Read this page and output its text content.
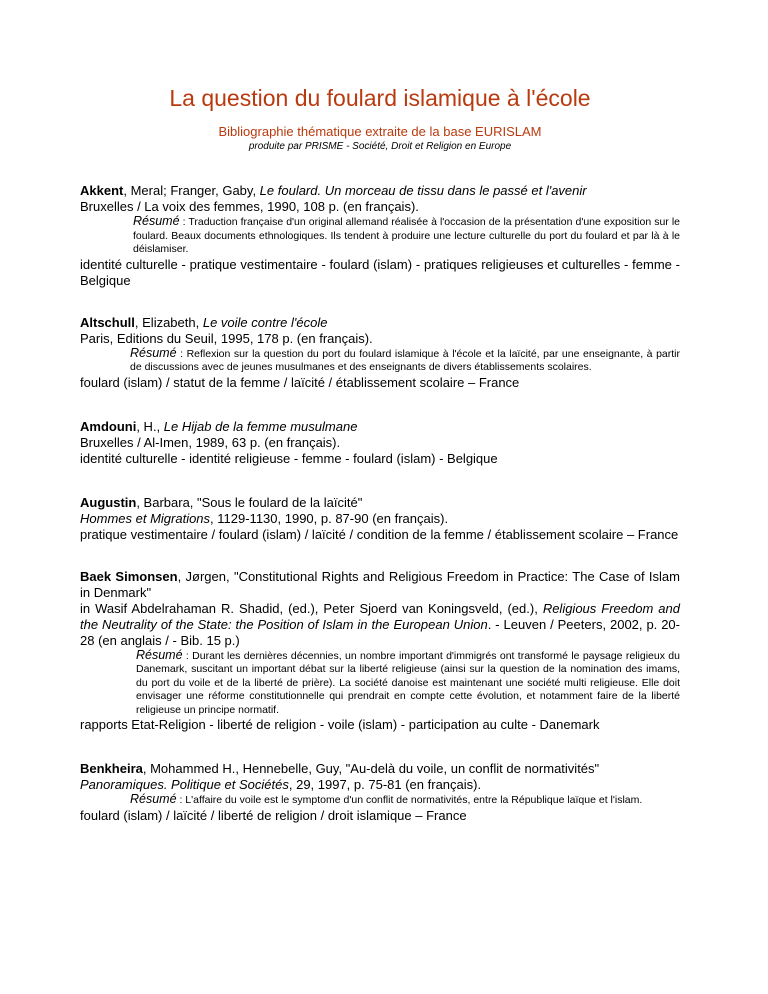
La question du foulard islamique à l'école
Bibliographie thématique extraite de la base EURISLAM
produite par PRISME - Société, Droit et Religion en Europe
Akkent, Meral; Franger, Gaby, Le foulard. Un morceau de tissu dans le passé et l'avenir
Bruxelles / La voix des femmes, 1990, 108 p. (en français).
Résumé : Traduction française d'un original allemand réalisée à l'occasion de la présentation d'une exposition sur le foulard. Beaux documents ethnologiques. Ils tendent à produire une lecture culturelle du port du foulard et par là à le déislamiser.
identité culturelle - pratique vestimentaire - foulard (islam) - pratiques religieuses et culturelles - femme - Belgique
Altschull, Elizabeth, Le voile contre l'école
Paris, Editions du Seuil, 1995, 178 p. (en français).
Résumé : Reflexion sur la question du port du foulard islamique à l'école et la laïcité, par une enseignante, à partir de discussions avec de jeunes musulmanes et des enseignants de divers établissements scolaires.
foulard (islam) / statut de la femme / laïcité / établissement scolaire – France
Amdouni, H., Le Hijab de la femme musulmane
Bruxelles / Al-Imen, 1989, 63 p. (en français).
identité culturelle - identité religieuse - femme - foulard (islam) - Belgique
Augustin, Barbara, "Sous le foulard de la laïcité"
Hommes et Migrations, 1129-1130, 1990, p. 87-90 (en français).
pratique vestimentaire / foulard (islam) / laïcité / condition de la femme / établissement scolaire – France
Baek Simonsen, Jørgen, "Constitutional Rights and Religious Freedom in Practice: The Case of Islam in Denmark"
in Wasif Abdelrahaman R. Shadid, (ed.), Peter Sjoerd van Koningsveld, (ed.), Religious Freedom and the Neutrality of the State: the Position of Islam in the European Union. - Leuven / Peeters, 2002, p. 20-28 (en anglais / - Bib. 15 p.)
Résumé : Durant les dernières décennies, un nombre important d'immigrés ont transformé le paysage religieux du Danemark, suscitant un important débat sur la liberté religieuse (ainsi sur la question de la nomination des imams, du port du voile et de la liberté de prière). La société danoise est maintenant une société multi religieuse. Elle doit envisager une réforme constitutionnelle qui prendrait en compte cette évolution, et notamment faire de la liberté religieuse un principe normatif.
rapports Etat-Religion - liberté de religion - voile (islam) - participation au culte - Danemark
Benkheira, Mohammed H., Hennebelle, Guy, "Au-delà du voile, un conflit de normativités"
Panoramiques. Politique et Sociétés, 29, 1997, p. 75-81 (en français).
Résumé : L'affaire du voile est le symptome d'un conflit de normativités, entre la République laïque et l'islam.
foulard (islam) / laïcité / liberté de religion / droit islamique – France
